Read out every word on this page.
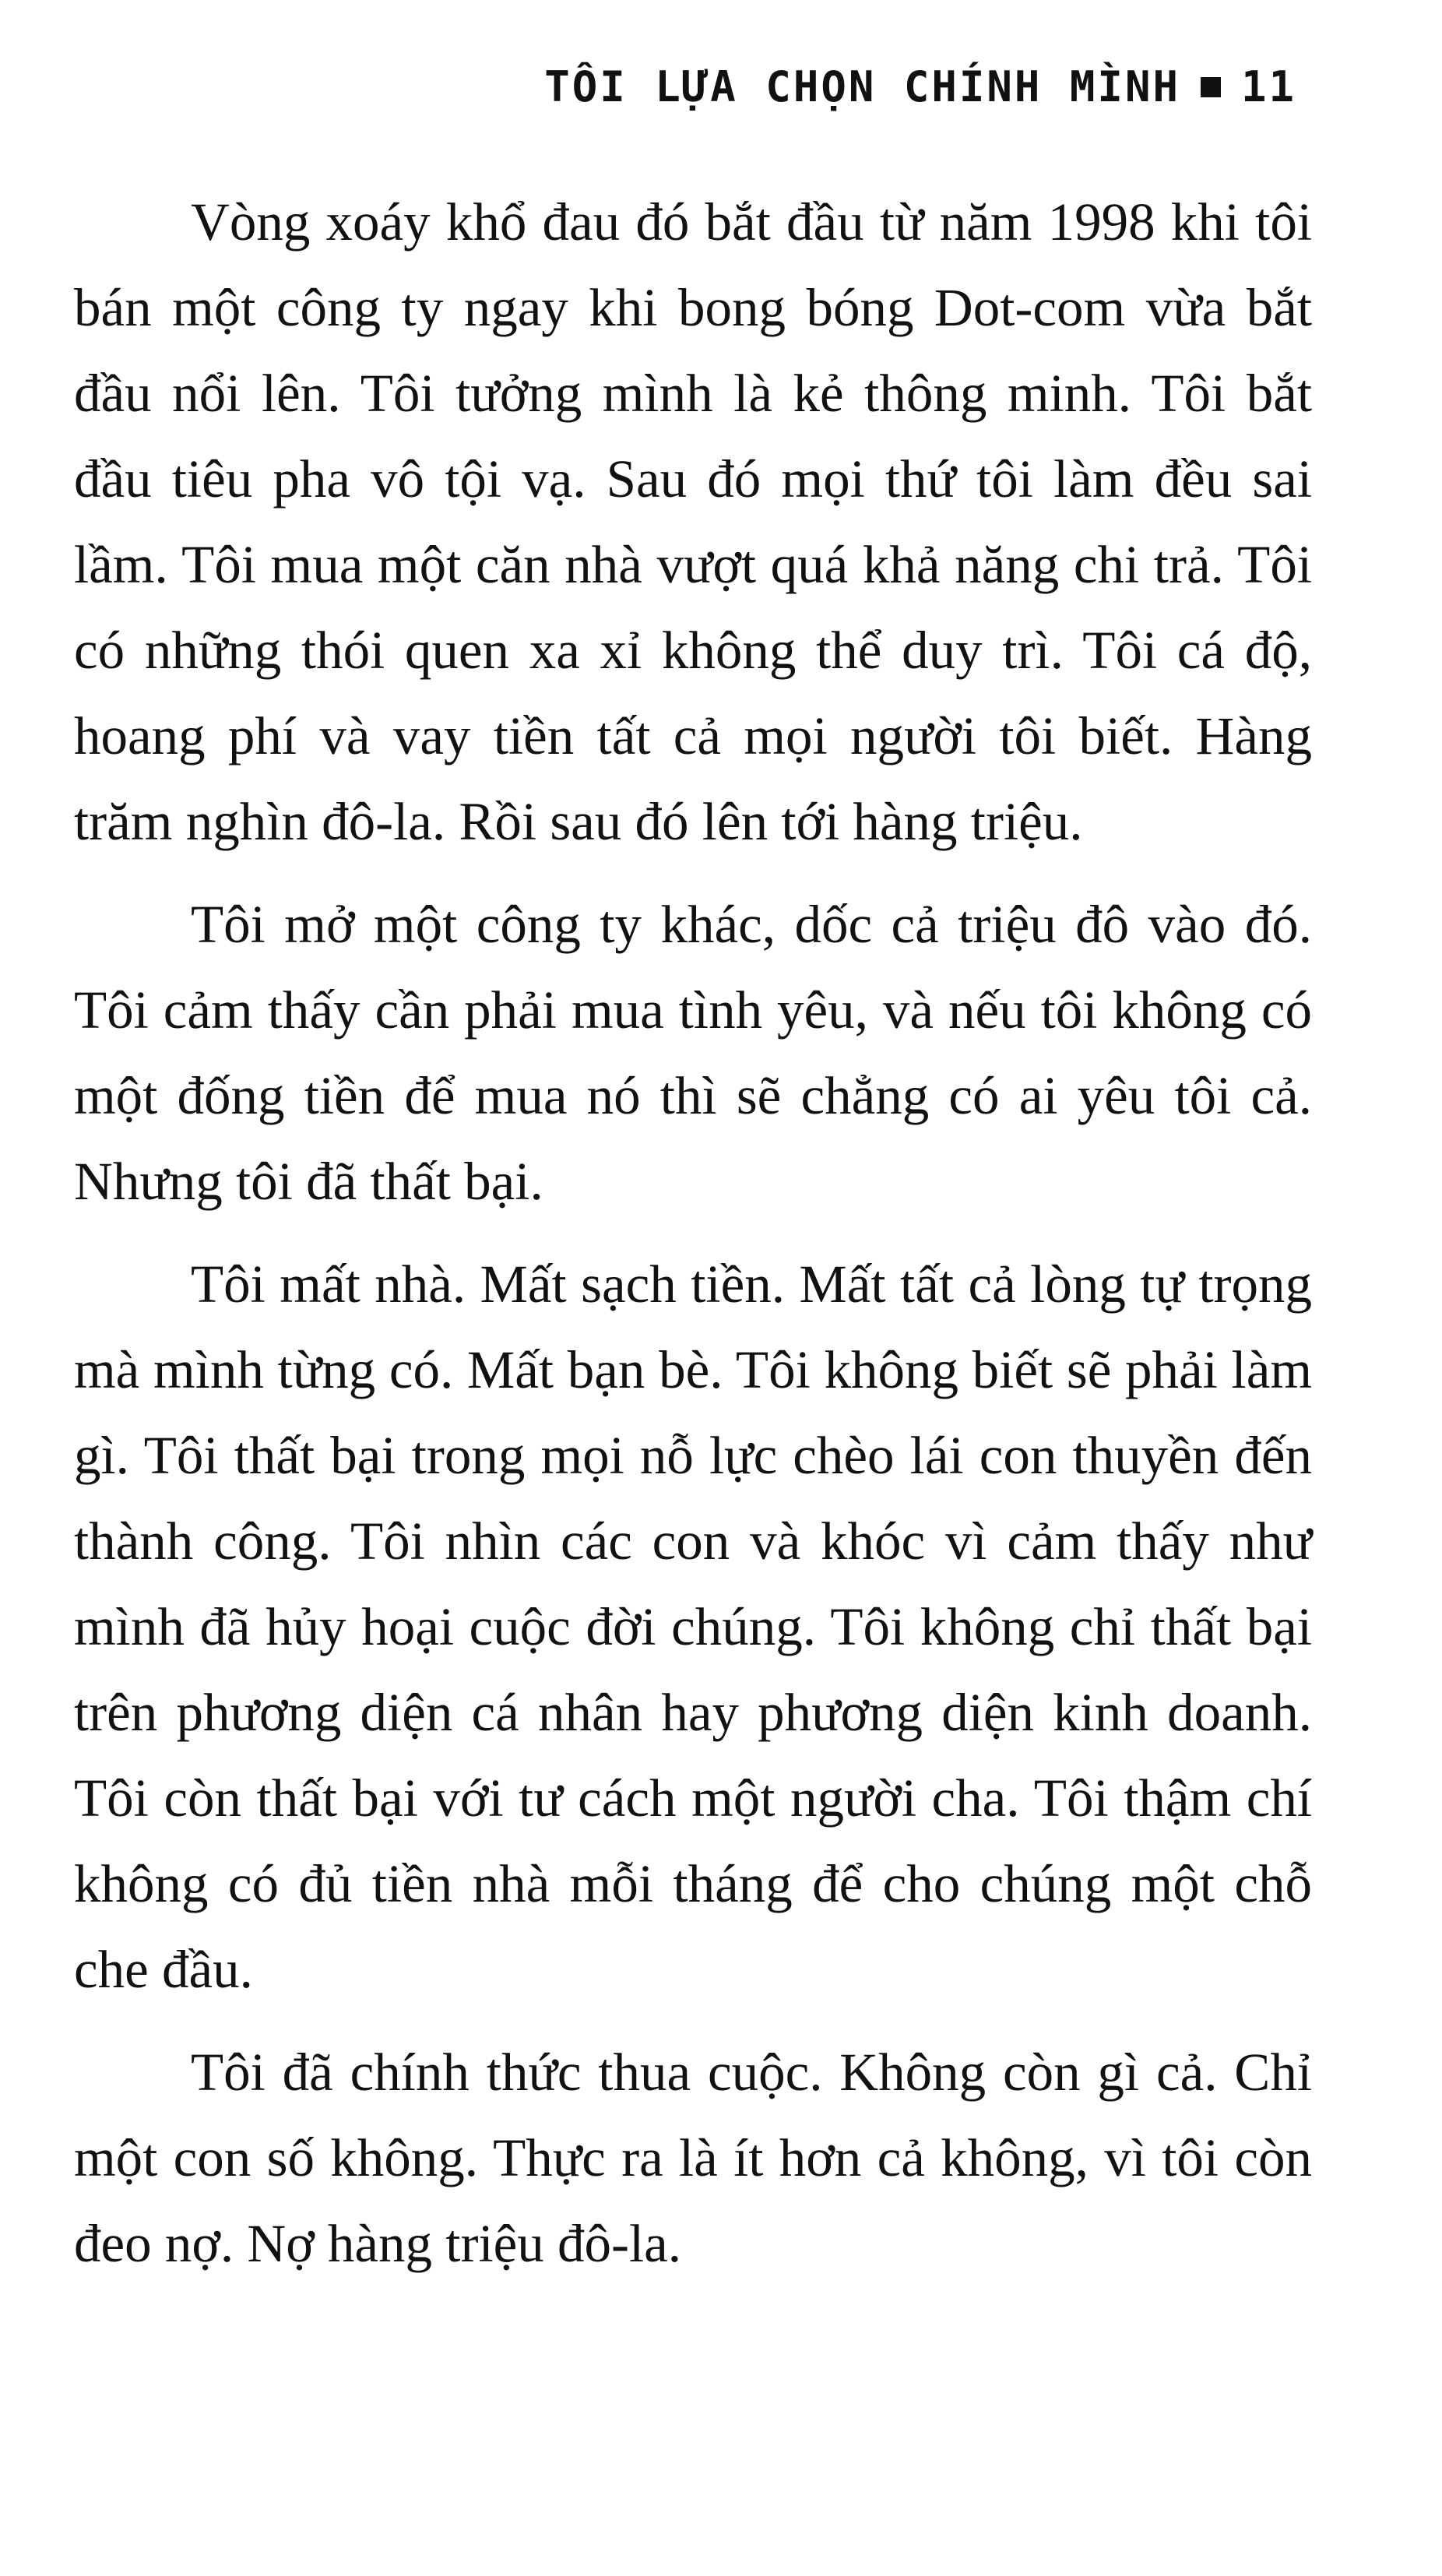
TÔI LỰA CHỌN CHÍNH MÌNH 11

Vòng xoáy khổ đau đó bắt đầu từ năm 1998 khi tôi bán một công ty ngay khi bong bóng Dot-com vừa bắt đầu nổi lên. Tôi tưởng mình là kẻ thông minh. Tôi bắt đầu tiêu pha vô tội vạ. Sau đó mọi thứ tôi làm đều sai lầm. Tôi mua một căn nhà vượt quá khả năng chi trả. Tôi có những thói quen xa xỉ không thể duy trì. Tôi cá độ, hoang phí và vay tiền tất cả mọi người tôi biết. Hàng trăm nghìn đô-la. Rồi sau đó lên tới hàng triệu.

Tôi mở một công ty khác, dốc cả triệu đô vào đó. Tôi cảm thấy cần phải mua tình yêu, và nếu tôi không có một đống tiền để mua nó thì sẽ chẳng có ai yêu tôi cả. Nhưng tôi đã thất bại.

Tôi mất nhà. Mất sạch tiền. Mất tất cả lòng tự trọng mà mình từng có. Mất bạn bè. Tôi không biết sẽ phải làm gì. Tôi thất bại trong mọi nỗ lực chèo lái con thuyền đến thành công. Tôi nhìn các con và khóc vì cảm thấy như mình đã hủy hoại cuộc đời chúng. Tôi không chỉ thất bại trên phương diện cá nhân hay phương diện kinh doanh. Tôi còn thất bại với tư cách một người cha. Tôi thậm chí không có đủ tiền nhà mỗi tháng để cho chúng một chỗ che đầu.

Tôi đã chính thức thua cuộc. Không còn gì cả. Chỉ một con số không. Thực ra là ít hơn cả không, vì tôi còn đeo nợ. Nợ hàng triệu đô-la.
